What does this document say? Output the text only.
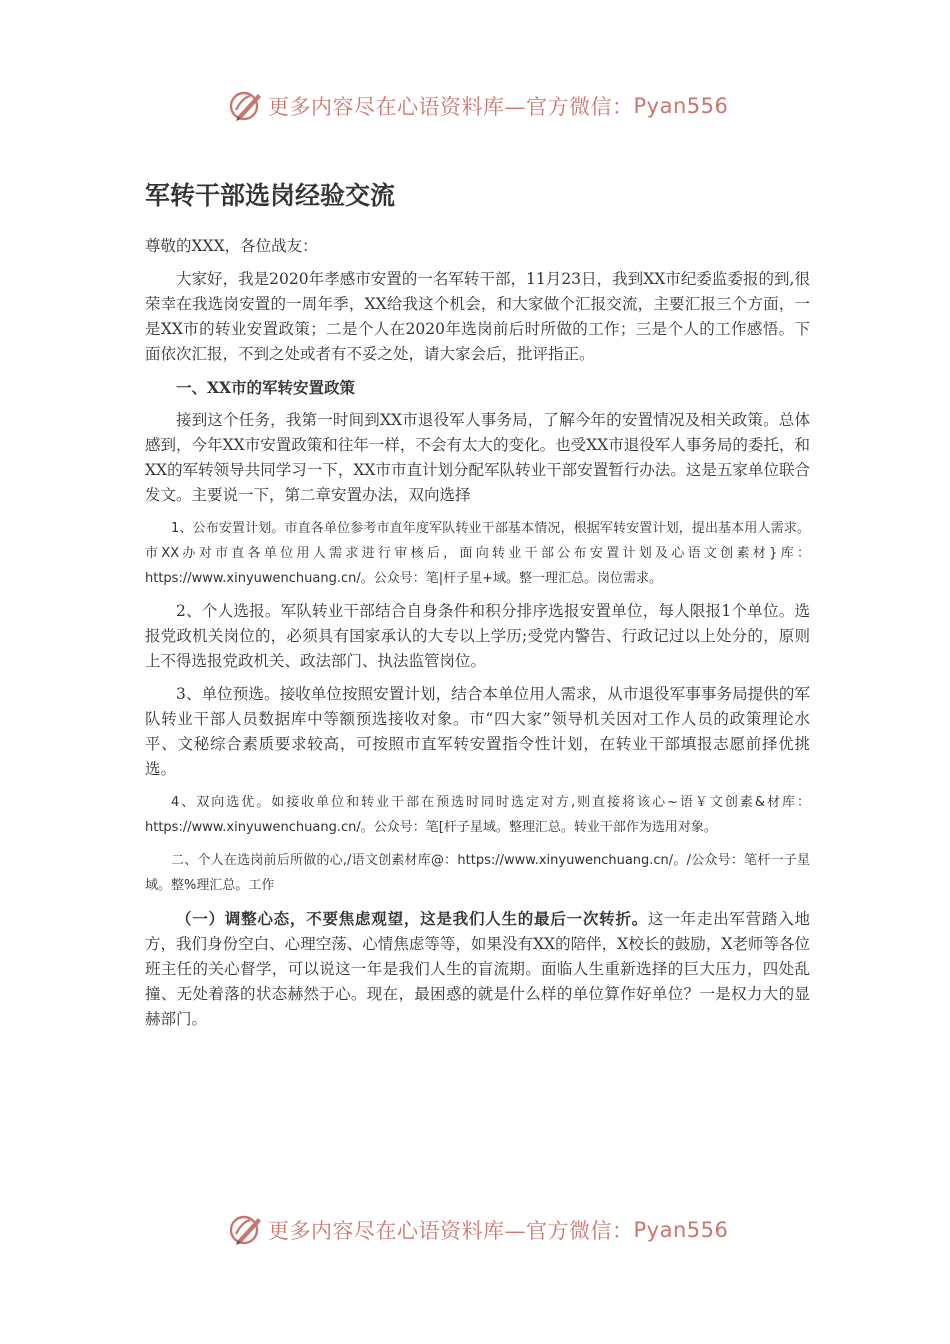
更多内容尽在心语资料库—官方微信： Pyan556
军转干部选岗经验交流

尊敬的XXX，各位战友：

大家好，我是2020年孝感市安置的一名军转干部，11月23日，我到XX市纪委监委报的到,很荣幸在我选岗安置的一周年季，XX给我这个机会，和大家做个汇报交流，主要汇报三个方面，一是XX市的转业安置政策；二是个人在2020年选岗前后时所做的工作；三是个人的工作感悟。下面依次汇报，不到之处或者有不妥之处，请大家会后，批评指正。

一、XX市的军转安置政策

接到这个任务，我第一时间到XX市退役军人事务局，了解今年的安置情况及相关政策。总体感到，今年XX市安置政策和往年一样，不会有太大的变化。也受XX市退役军人事务局的委托，和XX的军转领导共同学习一下，XX市市直计划分配军队转业干部安置暂行办法。这是五家单位联合发文。主要说一下，第二章安置办法，双向选择

1、公布安置计划。市直各单位参考市直年度军队转业干部基本情况，根据军转安置计划，提出基本用人需求。市XX办对市直各单位用人需求进行审核后，面向转业干部公布安置计划及心语文创素材}库：https://www.xinyuwenchuang.cn/。公众号：笔|杆子星+域。整一理汇总。岗位需求。

2、个人选报。军队转业干部结合自身条件和积分排序选报安置单位，每人限报1个单位。选报党政机关岗位的，必须具有国家承认的大专以上学历;受党内警告、行政记过以上处分的，原则上不得选报党政机关、政法部门、执法监管岗位。

3、单位预选。接收单位按照安置计划，结合本单位用人需求，从市退役军事事务局提供的军队转业干部人员数据库中等额预选接收对象。市“四大家”领导机关因对工作人员的政策理论水平、文秘综合素质要求较高，可按照市直军转安置指令性计划，在转业干部填报志愿前择优挑选。

4、双向选优。如接收单位和转业干部在预选时同时选定对方,则直接将该心~语￥文创素&材库：https://www.xinyuwenchuang.cn/。公众号：笔[杆子星域。整理汇总。转业干部作为选用对象。

二、个人在选岗前后所做的心,/语文创素材库@：https://www.xinyuwenchuang.cn/。/公众号：笔杆一子星域。整%理汇总。工作

（一）调整心态，不要焦虑观望，这是我们人生的最后一次转折。这一年走出军营踏入地方，我们身份空白、心理空荡、心情焦虑等等，如果没有XX的陪伴，X校长的鼓励，X老师等各位班主任的关心督学，可以说这一年是我们人生的盲流期。面临人生重新选择的巨大压力，四处乱撞、无处着落的状态赫然于心。现在，最困惑的就是什么样的单位算作好单位？一是权力大的显赫部门。

更多内容尽在心语资料库—官方微信： Pyan556
